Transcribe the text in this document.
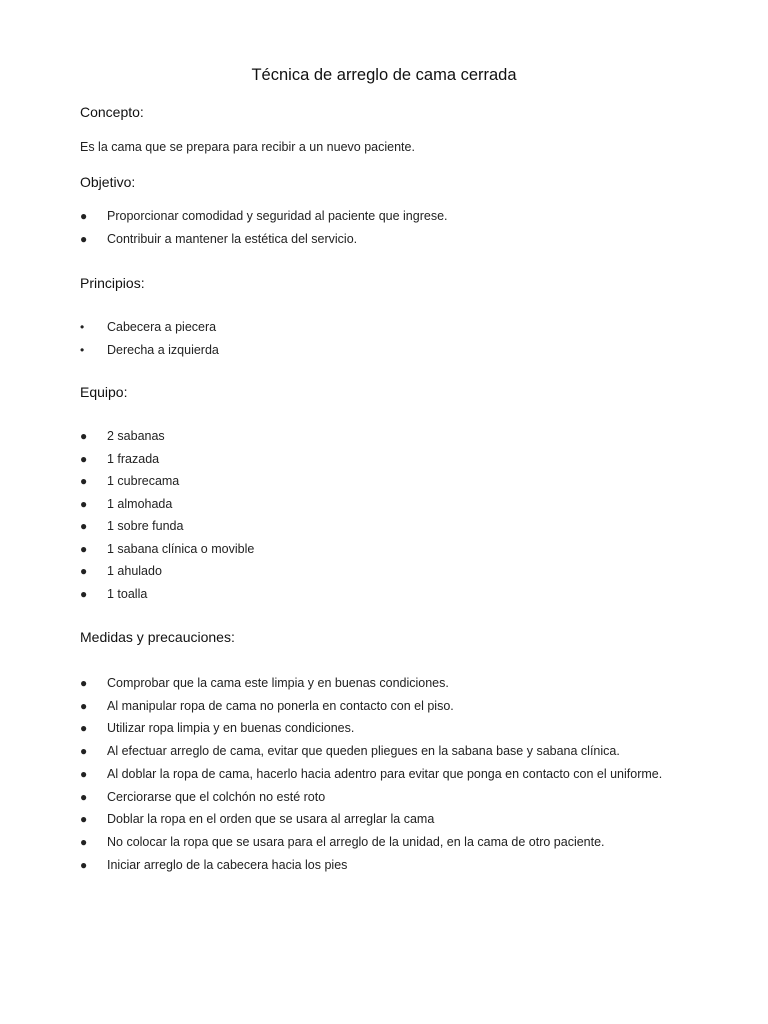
Técnica de arreglo de cama cerrada
Concepto:
Es la cama que se prepara para recibir a un nuevo paciente.
Objetivo:
● Proporcionar comodidad y seguridad al paciente que ingrese.
● Contribuir a mantener la estética del servicio.
Principios:
•	Cabecera a piecera
•	Derecha a izquierda
Equipo:
● 2 sabanas
● 1 frazada
● 1 cubrecama
● 1 almohada
● 1 sobre funda
● 1 sabana clínica o movible
● 1 ahulado
● 1 toalla
Medidas y precauciones:
● Comprobar que la cama este limpia y en buenas condiciones.
● Al manipular ropa de cama no ponerla en contacto con el piso.
● Utilizar ropa limpia y en buenas condiciones.
● Al efectuar arreglo de cama, evitar que queden pliegues en la sabana base y sabana clínica.
● Al doblar la ropa de cama, hacerlo hacia adentro para evitar que ponga en contacto con el uniforme.
● Cerciorarse que el colchón no esté roto
● Doblar la ropa en el orden que se usara al arreglar la cama
● No colocar la ropa que se usara para el arreglo de la unidad, en la cama de otro paciente.
● Iniciar arreglo de la cabecera hacia los pies
